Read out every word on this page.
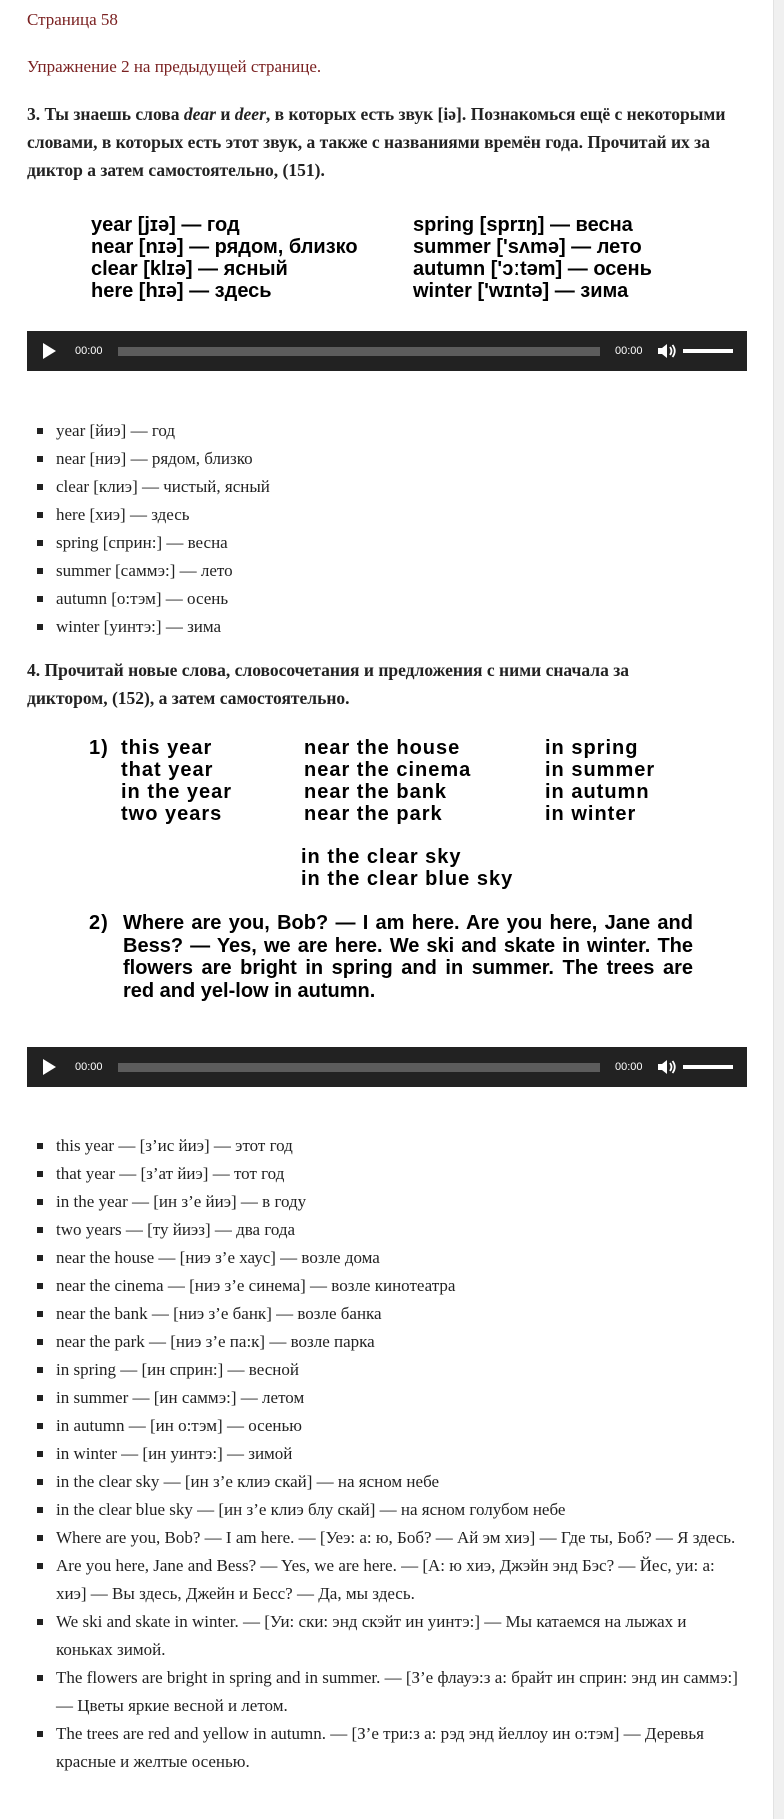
Страница 58
Упражнение 2 на предыдущей странице.
3. Ты знаешь слова dear и deer, в которых есть звук [iə]. Познакомься ещё с некоторыми словами, в которых есть этот звук, а также с названиями времён года. Прочитай их за диктор а затем самостоятельно, (151).
year [jɪə] — год
near [nɪə] — рядом, близко
clear [klɪə] — ясный
here [hɪə] — здесь
spring [sprɪŋ] — весна
summer ['sʌmə] — лето
autumn ['ɔːtəm] — осень
winter ['wɪntə] — зима
00:00	00:00
year [йиэ] — год
near [ниэ] — рядом, близко
clear [клиэ] — чистый, ясный
here [хиэ] — здесь
spring [сприн:] — весна
summer [саммэ:] — лето
autumn [о:тэм] — осень
winter [уинтэ:] — зима
4. Прочитай новые слова, словосочетания и предложения с ними сначала за диктором, (152), а затем самостоятельно.
1) this year
that year
in the year
two years
near the house
near the cinema
near the bank
near the park
in spring
in summer
in autumn
in winter
in the clear sky
in the clear blue sky
2) Where are you, Bob? — I am here. Are you here, Jane and Bess? — Yes, we are here. We ski and skate in winter. The flowers are bright in spring and in summer. The trees are red and yel-low in autumn.
00:00	00:00
this year — [з’ис йиэ] — этот год
that year — [з’ат йиэ] — тот год
in the year — [ин з’е йиэ] — в году
two years — [ту йиэз] — два года
near the house — [ниэ з’е хаус] — возле дома
near the cinema — [ниэ з’е синема] — возле кинотеатра
near the bank — [ниэ з’е банк] — возле банка
near the park — [ниэ з’е па:к] — возле парка
in spring — [ин сприн:] — весной
in summer — [ин саммэ:] — летом
in autumn — [ин о:тэм] — осенью
in winter — [ин уинтэ:] — зимой
in the clear sky — [ин з’е клиэ скай] — на ясном небе
in the clear blue sky — [ин з’е клиэ блу скай] — на ясном голубом небе
Where are you, Bob? — I am here. — [Уеэ: а: ю, Боб? — Ай эм хиэ] — Где ты, Боб? — Я здесь.
Are you here, Jane and Bess? — Yes, we are here. — [А: ю хиэ, Джэйн энд Бэс? — Йес, уи: а: хиэ] — Вы здесь, Джейн и Бесс? — Да, мы здесь.
We ski and skate in winter. — [Уи: ски: энд скэйт ин уинтэ:] — Мы катаемся на лыжах и коньках зимой.
The flowers are bright in spring and in summer. — [З’е флауэ:з а: брайт ин сприн: энд ин саммэ:] — Цветы яркие весной и летом.
The trees are red and yellow in autumn. — [З’е три:з а: рэд энд йеллоу ин о:тэм] — Деревья красные и желтые осенью.
